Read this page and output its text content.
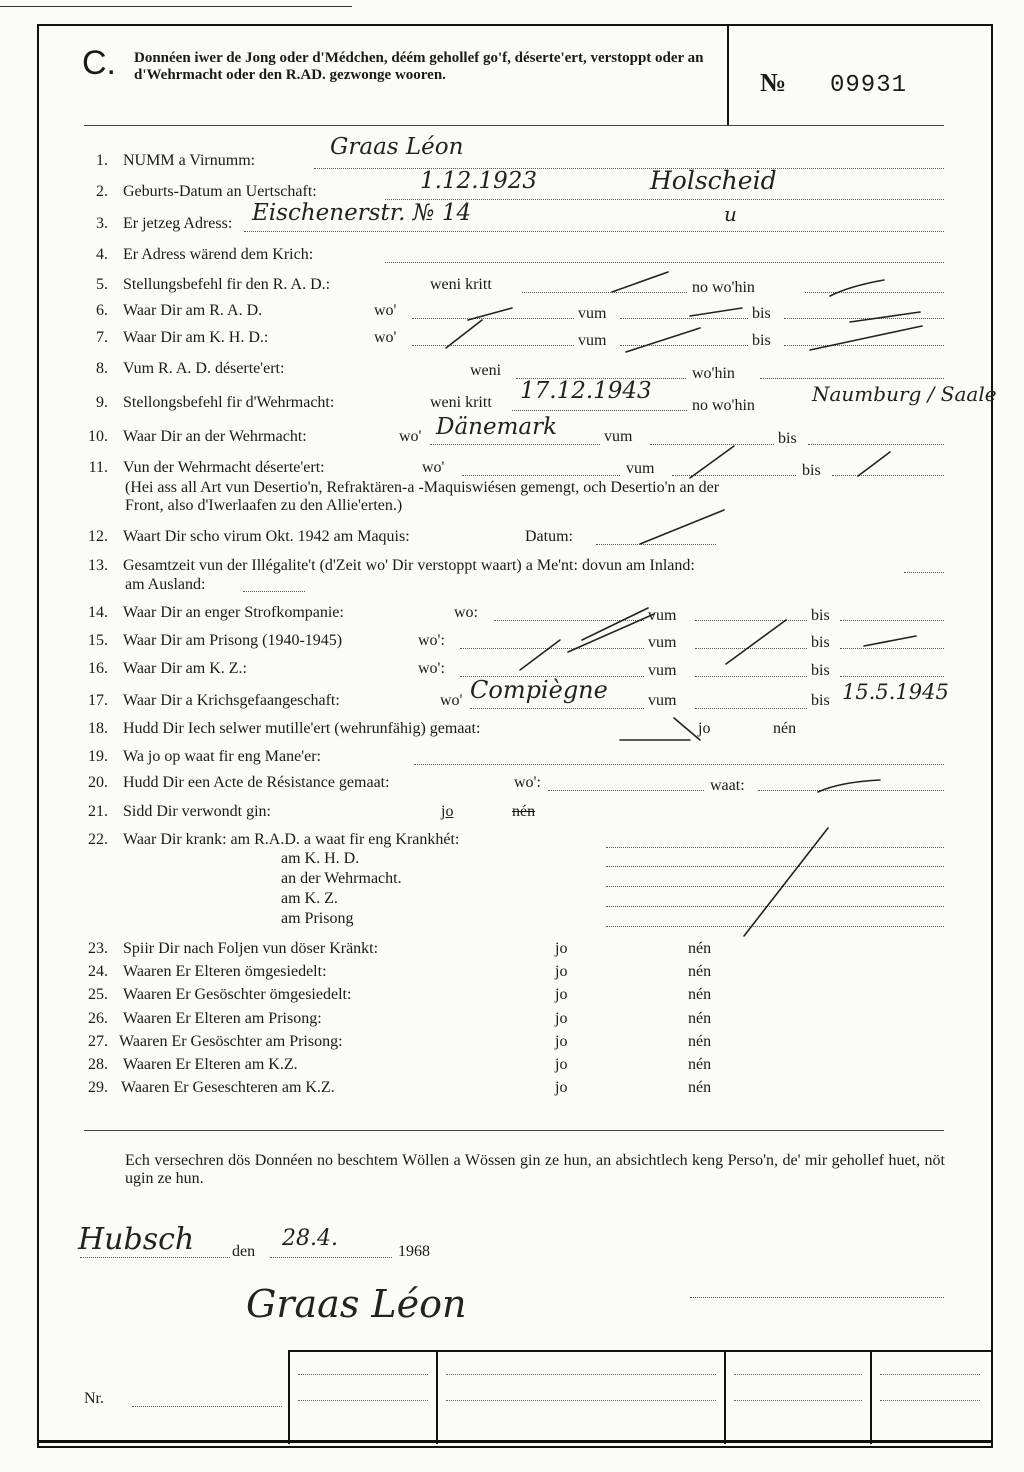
C. Donnéen iwer de Jong oder d'Médchen, déém gehollef go'f, déserte'ert, verstoppt oder an d'Wehrmacht oder den R.AD. gezwonge wooren.	№ 09931
1. NUMM a Virnumm:
Graas Léon
2. Geburts-Datum an Uertschaft:	1.12.1923	Holscheid
3. Er jetzeg Adress: Eischenerstr. № 14	u
4. Er Adress wärend dem Krich:
5. Stellungsbefehl fir den R. A. D.:	weni kritt	no wo'hin
6. Waar Dir am R. A. D.	wo'	vum	bis
7. Waar Dir am K. H. D.:	wo'	vum	bis
8. Vum R. A. D. déserte'ert:	weni	wo'hin
9. Stellongsbefehl fir d'Wehrmacht:	weni kritt 17.12.1943
no wo'hin	Naumburg / Saale
10. Waar Dir an der Wehrmacht:	wo' Dänemark	vum	bis
11. Vun der Wehrmacht déserte'ert:	wo'	vum	bis
(Hei ass all Art vun Desertio'n, Refraktären-a -Maquiswiésen gemengt, och Desertio'n an der
Front, also d'Iwerlaafen zu den Allie'erten.)
12. Waart Dir scho virum Okt. 1942 am Maquis:	Datum:
13. Gesamtzeit vun der Illégalite't (d'Zeit wo' Dir verstoppt waart) a Me'nt: dovun am Inland:
am Ausland:
14. Waar Dir an enger Strofkompanie:	wo:	vum	bis
15. Waar Dir am Prisong (1940-1945)	wo':	vum	bis
16. Waar Dir am K. Z.:	wo':	vum	bis
17. Waar Dir a Krichsgefaangeschaft:	wo' Compiègne	vum	bis 15.5.1945
18. Hudd Dir Iech selwer mutille'ert (wehrunfähig) gemaat:	jo	nén
19. Wa jo op waat fir eng Mane'er:
20. Hudd Dir een Acte de Résistance gemaat:	wo':	waat:
21. Sidd Dir verwondt gin:	jo	nén
22. Waar Dir krank: am R.A.D. a waat fir eng Krankhét:
am K. H. D.
an der Wehrmacht.
am K. Z.
am Prisong
23. Spiir Dir nach Foljen vun döser Kränkt:	jo	nén
24. Waaren Er Elteren ömgesiedelt:	jo	nén
25. Waaren Er Gesöschter ömgesiedelt:	jo	nén
26. Waaren Er Elteren am Prisong:	jo	nén
27. Waaren Er Gesöschter am Prisong:	jo	nén
28. Waaren Er Elteren am K.Z.	jo	nén
29. Waaren Er Geseschteren am K.Z.	jo	nén
Ech versechren dös Donnéen no beschtem Wöllen a Wössen gin ze hun, an absichtlech keng Perso'n, de' mir gehollef huet, nöt ugin ze hun.
Hubsch den
28.4.
1968
Graas Léon
Nr.
